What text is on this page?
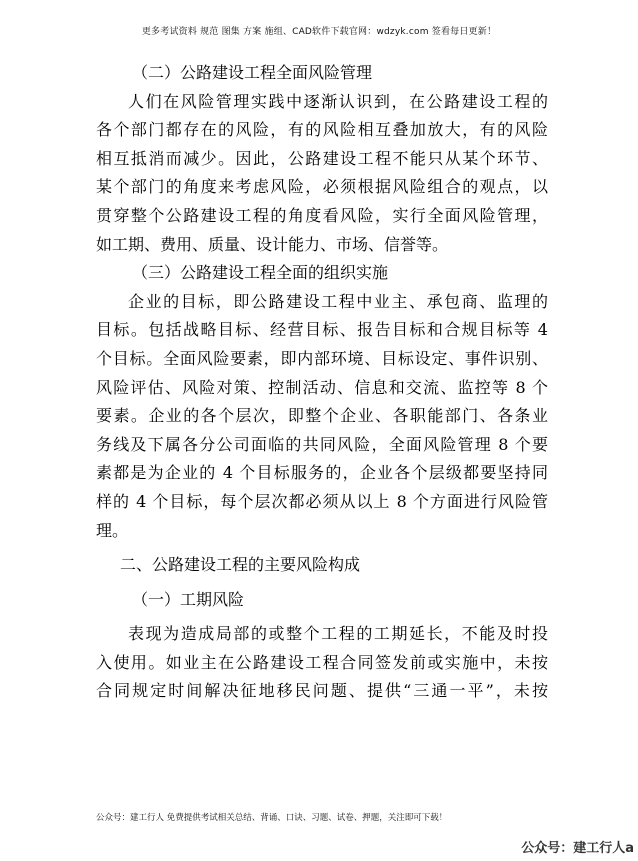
更多考试资料 规范 图集 方案 施组、CAD软件下载官网：wdzyk.com 签看每日更新！
（二）公路建设工程全面风险管理
人们在风险管理实践中逐渐认识到，在公路建设工程的
各个部门都存在的风险，有的风险相互叠加放大，有的风险
相互抵消而减少。因此，公路建设工程不能只从某个环节、
某个部门的角度来考虑风险，必须根据风险组合的观点，以
贯穿整个公路建设工程的角度看风险，实行全面风险管理，
如工期、费用、质量、设计能力、市场、信誉等。
（三）公路建设工程全面的组织实施
企业的目标，即公路建设工程中业主、承包商、监理的
目标。包括战略目标、经营目标、报告目标和合规目标等 4
个目标。全面风险要素，即内部环境、目标设定、事件识别、
风险评估、风险对策、控制活动、信息和交流、监控等 8 个
要素。企业的各个层次，即整个企业、各职能部门、各条业
务线及下属各分公司面临的共同风险，全面风险管理 8 个要
素都是为企业的 4 个目标服务的，企业各个层级都要坚持同
样的 4 个目标，每个层次都必须从以上 8 个方面进行风险管
理。
二、公路建设工程的主要风险构成
（一）工期风险
表现为造成局部的或整个工程的工期延长，不能及时投
入使用。如业主在公路建设工程合同签发前或实施中，未按
合同规定时间解决征地移民问题、提供“三通一平”，未按
公众号：建工行人 免费提供考试相关总结、背诵、口诀、习题、试卷、押题，关注即可下载！
公众号：建工行人a
